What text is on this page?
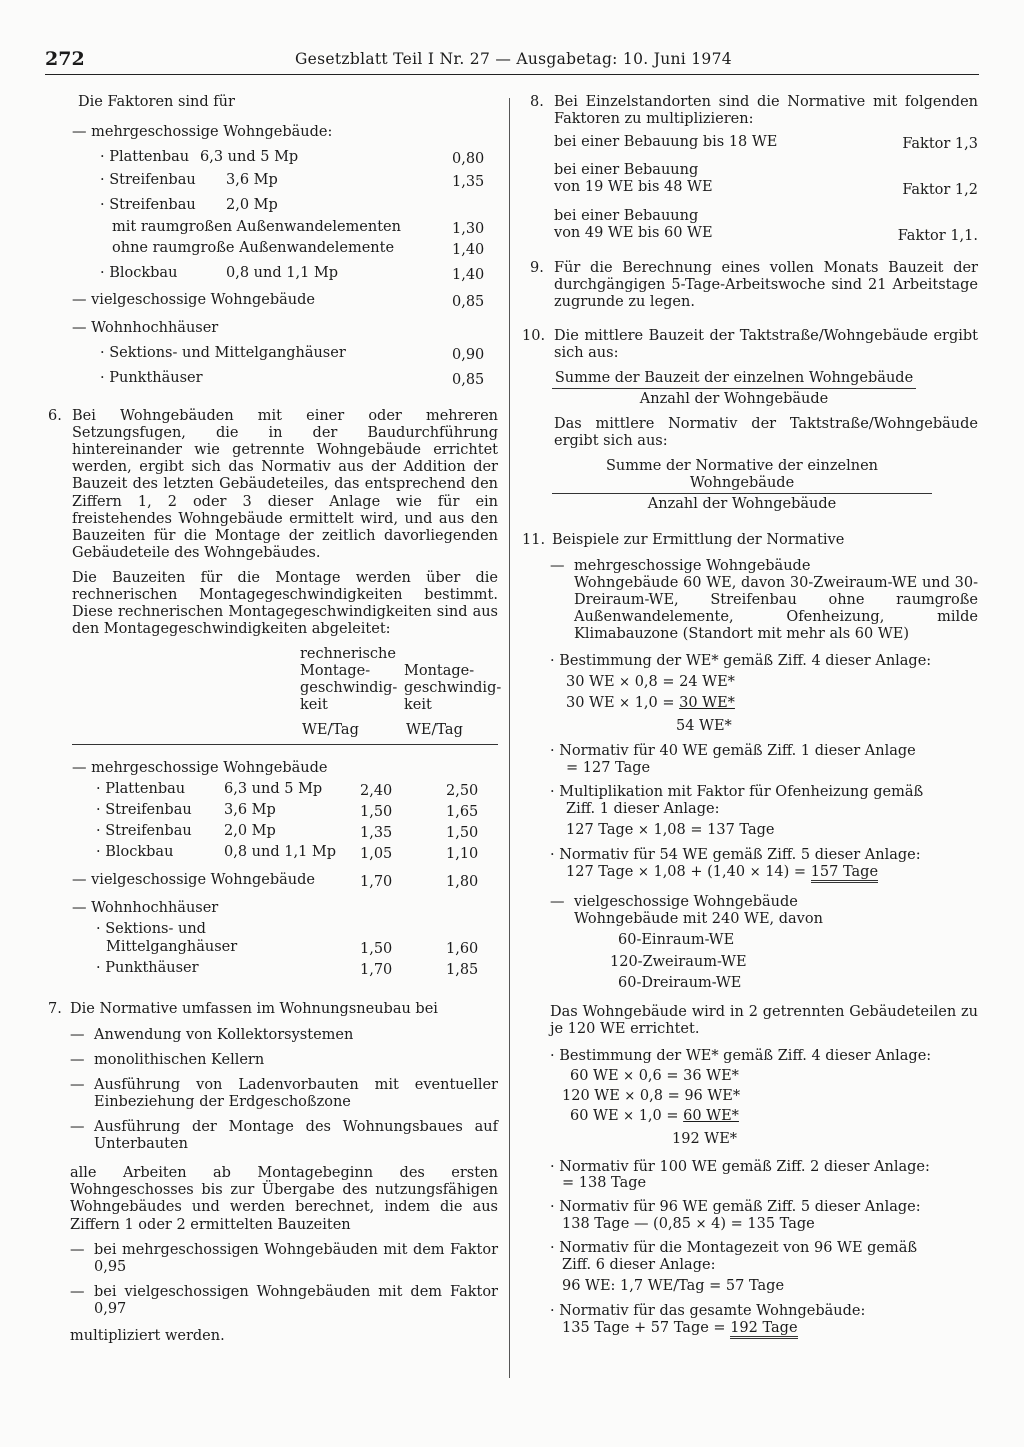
272	Gesetzblatt Teil I Nr. 27 — Ausgabetag: 10. Juni 1974
Die Faktoren sind für
— mehrgeschossige Wohngebäude:
· Plattenbau 6,3 und 5 Mp	0,80
· Streifenbau 3,6 Mp	1,35
· Streifenbau 2,0 Mp
mit raumgroßen Außenwandelementen	1,30
ohne raumgroße Außenwandelemente	1,40
· Blockbau	0,8 und 1,1 Mp	1,40
— vielgeschossige Wohngebäude	0,85
— Wohnhochhäuser
· Sektions- und Mittelganghäuser	0,90
· Punkthäuser	0,85
6. Bei Wohngebäuden mit einer oder mehreren Setzungsfugen, die in der Baudurchführung hintereinander wie getrennte Wohngebäude errichtet werden, ergibt sich das Normativ aus der Addition der Bauzeit des letzten Gebäudeteiles, das entsprechend den Ziffern 1, 2 oder 3 dieser Anlage wie für ein freistehendes Wohngebäude ermittelt wird, und aus den Bauzeiten für die Montage der zeitlich davorliegenden Gebäudeteile des Wohngebäudes.

Die Bauzeiten für die Montage werden über die rechnerischen Montagegeschwindigkeiten bestimmt. Diese rechnerischen Montagegeschwindigkeiten sind aus den Montagegeschwindigkeiten abgeleitet:

rechnerische
Montage-
geschwindig-
keit
Montage-
geschwindig-
keit
WE/Tag	WE/Tag
— mehrgeschossige Wohngebäude
· Plattenbau	6,3 und 5 Mp	2,40	2,50
· Streifenbau 3,6 Mp	1,50	1,65
· Streifenbau 2,0 Mp	1,35	1,50
· Blockbau	0,8 und 1,1 Mp 1,05	1,10
— vielgeschossige Wohngebäude	1,70	1,80
— Wohnhochhäuser
· Sektions- und
Mittelganghäuser	1,50	1,60
· Punkthäuser	1,70	1,85
7. Die Normative umfassen im Wohnungsneubau bei

— Anwendung von Kollektorsystemen

— monolithischen Kellern

— Ausführung von Ladenvorbauten mit eventueller Einbeziehung der Erdgeschoßzone

— Ausführung der Montage des Wohnungsbaues auf Unterbauten

alle Arbeiten ab Montagebeginn des ersten Wohngeschosses bis zur Übergabe des nutzungsfähigen Wohngebäudes und werden berechnet, indem die aus Ziffern 1 oder 2 ermittelten Bauzeiten

— bei mehrgeschossigen Wohngebäuden mit dem Faktor 0,95

— bei vielgeschossigen Wohngebäuden mit dem Faktor 0,97

multipliziert werden.

8. Bei Einzelstandorten sind die Normative mit folgenden Faktoren zu multiplizieren:

bei einer Bebauung bis 18 WE	Faktor 1,3
bei einer Bebauung
von 19 WE bis 48 WE	Faktor 1,2
bei einer Bebauung
von 49 WE bis 60 WE	Faktor 1,1.
9. Für die Berechnung eines vollen Monats Bauzeit der durchgängigen 5-Tage-Arbeitswoche sind 21 Arbeitstage zugrunde zu legen.

10. Die mittlere Bauzeit der Taktstraße/Wohngebäude ergibt sich aus:

Summe der Bauzeit der einzelnen Wohngebäude
Anzahl der Wohngebäude

Das mittlere Normativ der Taktstraße/Wohngebäude ergibt sich aus:

Summe der Normative der einzelnen Wohngebäude
Anzahl der Wohngebäude
11. Beispiele zur Ermittlung der Normative

— mehrgeschossige Wohngebäude

Wohngebäude 60 WE, davon 30-Zweiraum-WE und 30-Dreiraum-WE, Streifenbau ohne raumgroße Außenwandelemente, Ofenheizung, milde Klimabauzone (Standort mit mehr als 60 WE)

· Bestimmung der WE* gemäß Ziff. 4 dieser Anlage:
30 WE × 0,8 = 24 WE*
30 WE × 1,0 = 30 WE*
54 WE*
· Normativ für 40 WE gemäß Ziff. 1 dieser Anlage
= 127 Tage
· Multiplikation mit Faktor für Ofenheizung gemäß
Ziff. 1 dieser Anlage:
127 Tage × 1,08 = 137 Tage
· Normativ für 54 WE gemäß Ziff. 5 dieser Anlage:
127 Tage × 1,08 + (1,40 × 14) = 157 Tage
— vielgeschossige Wohngebäude

Wohngebäude mit 240 WE, davon

60-Einraum-WE

120-Zweiraum-WE

60-Dreiraum-WE

Das Wohngebäude wird in 2 getrennten Gebäudeteilen zu je 120 WE errichtet.

· Bestimmung der WE* gemäß Ziff. 4 dieser Anlage:
60 WE × 0,6 = 36 WE*
120 WE × 0,8 = 96 WE*
60 WE × 1,0 = 60 WE*
192 WE*
· Normativ für 100 WE gemäß Ziff. 2 dieser Anlage:
= 138 Tage
· Normativ für 96 WE gemäß Ziff. 5 dieser Anlage:
138 Tage — (0,85 × 4) = 135 Tage
· Normativ für die Montagezeit von 96 WE gemäß
Ziff. 6 dieser Anlage:
96 WE: 1,7 WE/Tag = 57 Tage
· Normativ für das gesamte Wohngebäude:
135 Tage + 57 Tage = 192 Tage
